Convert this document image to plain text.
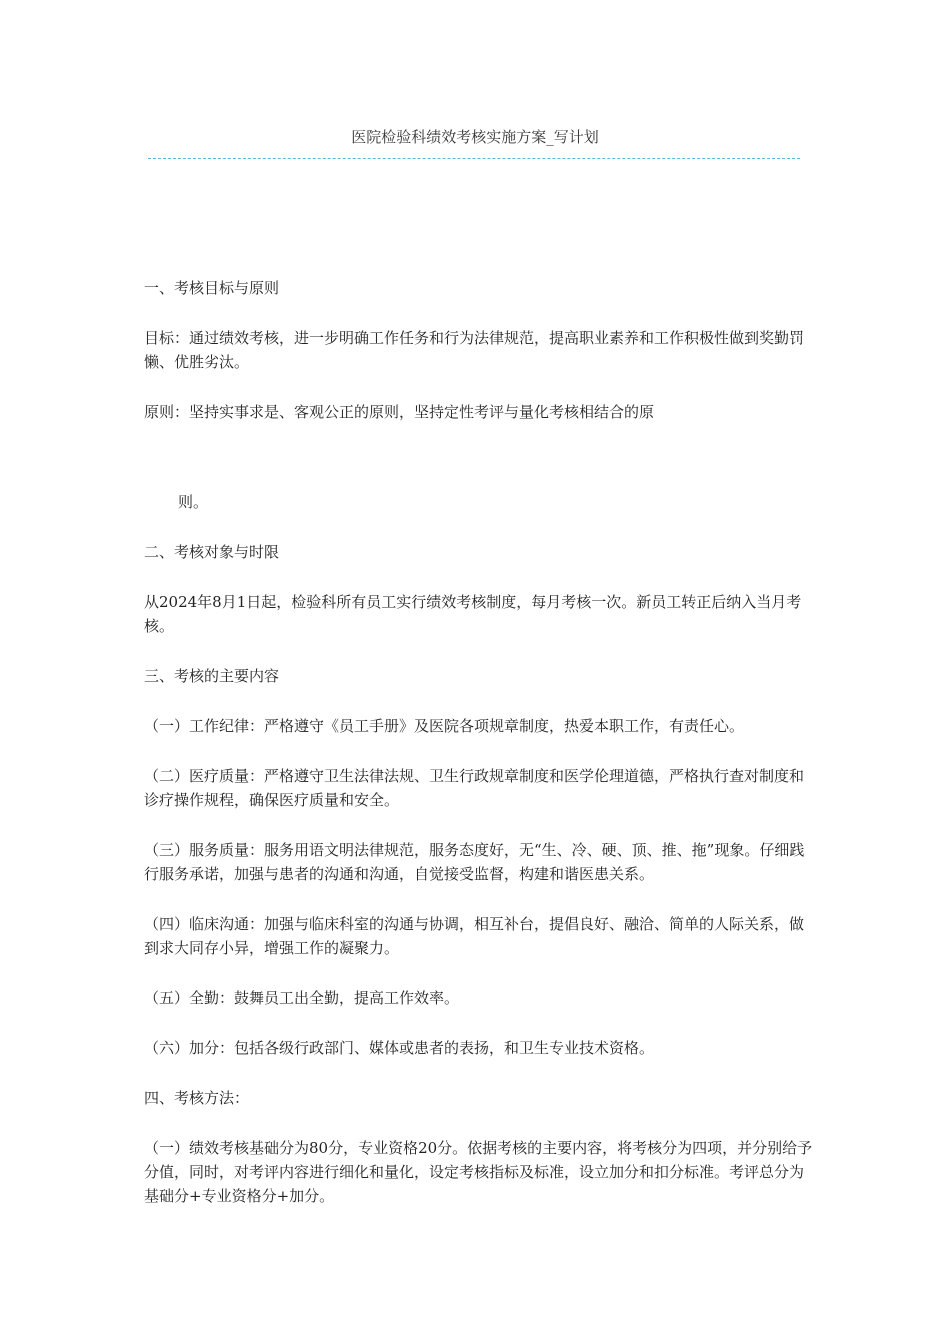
医院检验科绩效考核实施方案_写计划

一、考核目标与原则

目标：通过绩效考核，进一步明确工作任务和行为法律规范，提高职业素养和工作积极性做到奖勤罚懒、优胜劣汰。

原则：坚持实事求是、客观公正的原则，坚持定性考评与量化考核相结合的原

则。

二、考核对象与时限

从2024年8月1日起，检验科所有员工实行绩效考核制度，每月考核一次。新员工转正后纳入当月考核。

三、考核的主要内容

（一）工作纪律：严格遵守《员工手册》及医院各项规章制度，热爱本职工作，有责任心。

（二）医疗质量：严格遵守卫生法律法规、卫生行政规章制度和医学伦理道德，严格执行查对制度和诊疗操作规程，确保医疗质量和安全。

（三）服务质量：服务用语文明法律规范，服务态度好，无“生、冷、硬、顶、推、拖”现象。仔细践行服务承诺，加强与患者的沟通和沟通，自觉接受监督，构建和谐医患关系。

（四）临床沟通：加强与临床科室的沟通与协调，相互补台，提倡良好、融洽、简单的人际关系，做到求大同存小异，增强工作的凝聚力。

（五）全勤：鼓舞员工出全勤，提高工作效率。

（六）加分：包括各级行政部门、媒体或患者的表扬，和卫生专业技术资格。

四、考核方法：

（一）绩效考核基础分为80分，专业资格20分。依据考核的主要内容，将考核分为四项，并分别给予分值，同时，对考评内容进行细化和量化，设定考核指标及标准，设立加分和扣分标准。考评总分为基础分+专业资格分+加分。
